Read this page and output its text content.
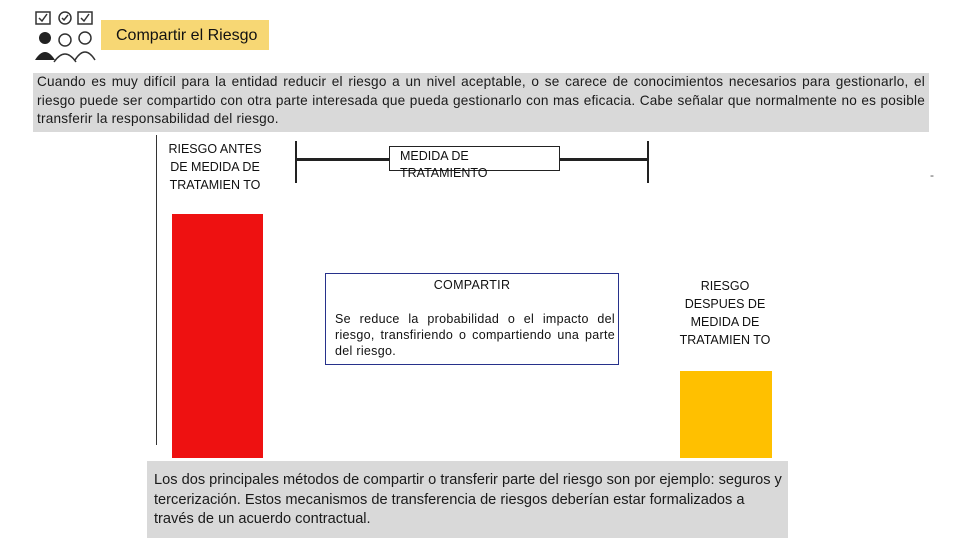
Compartir el Riesgo
Cuando es muy difícil para la entidad reducir el riesgo a un nivel aceptable, o se carece de conocimientos necesarios para gestionarlo, el riesgo puede ser compartido con otra parte interesada que pueda gestionarlo con mas eficacia. Cabe señalar que normalmente no es posible transferir la responsabilidad del riesgo.
RIESGO ANTES DE MEDIDA DE TRATAMIEN TO
RIESGO DESPUES DE MEDIDA DE TRATAMIEN TO
MEDIDA DE TRATAMIENTO
COMPARTIR
Se reduce la probabilidad o el impacto del riesgo, transfiriendo o compartiendo una parte del riesgo.
-
Los dos principales métodos de compartir o transferir parte del riesgo son por ejemplo: seguros y tercerización. Estos mecanismos de transferencia de riesgos deberían estar formalizados a través de un acuerdo contractual.
